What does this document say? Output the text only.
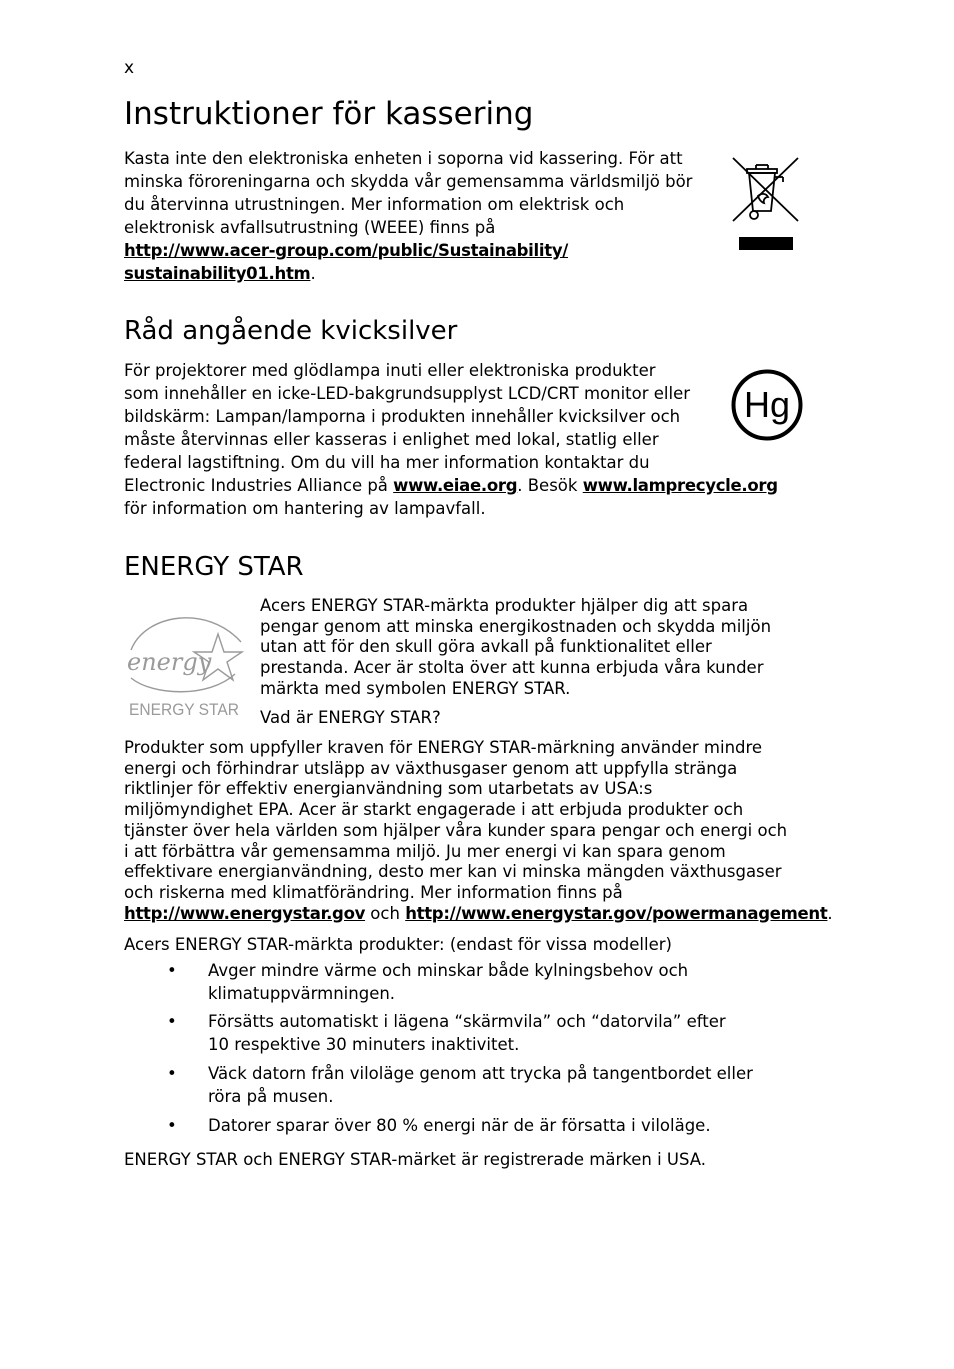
x
Instruktioner för kassering
Kasta inte den elektroniska enheten i soporna vid kassering. För att
minska föroreningarna och skydda vår gemensamma världsmiljö bör
du återvinna utrustningen. Mer information om elektrisk och
elektronisk avfallsutrustning (WEEE) finns på
http://www.acer-group.com/public/Sustainability/
sustainability01.htm.
Råd angående kvicksilver
För projektorer med glödlampa inuti eller elektroniska produkter
som innehåller en icke-LED-bakgrundsupplyst LCD/CRT monitor eller
bildskärm: Lampan/lamporna i produkten innehåller kvicksilver och
måste återvinnas eller kasseras i enlighet med lokal, statlig eller
federal lagstiftning. Om du vill ha mer information kontaktar du
Electronic Industries Alliance på www.eiae.org. Besök www.lamprecycle.org
för information om hantering av lampavfall.
Hg
ENERGY STAR
energy
ENERGY STAR
Acers ENERGY STAR-märkta produkter hjälper dig att spara
pengar genom att minska energikostnaden och skydda miljön
utan att för den skull göra avkall på funktionalitet eller
prestanda. Acer är stolta över att kunna erbjuda våra kunder
märkta med symbolen ENERGY STAR.
Vad är ENERGY STAR?
Produkter som uppfyller kraven för ENERGY STAR-märkning använder mindre
energi och förhindrar utsläpp av växthusgaser genom att uppfylla stränga
riktlinjer för effektiv energianvändning som utarbetats av USA:s
miljömyndighet EPA. Acer är starkt engagerade i att erbjuda produkter och
tjänster över hela världen som hjälper våra kunder spara pengar och energi och
i att förbättra vår gemensamma miljö. Ju mer energi vi kan spara genom
effektivare energianvändning, desto mer kan vi minska mängden växthusgaser
och riskerna med klimatförändring. Mer information finns på
http://www.energystar.gov och http://www.energystar.gov/powermanagement.
Acers ENERGY STAR-märkta produkter: (endast för vissa modeller)
• Avger mindre värme och minskar både kylningsbehov och
klimatuppvärmningen.
• Försätts automatiskt i lägena “skärmvila” och “datorvila” efter
10 respektive 30 minuters inaktivitet.
• Väck datorn från viloläge genom att trycka på tangentbordet eller
röra på musen.
• Datorer sparar över 80 % energi när de är försatta i viloläge.
ENERGY STAR och ENERGY STAR-märket är registrerade märken i USA.
